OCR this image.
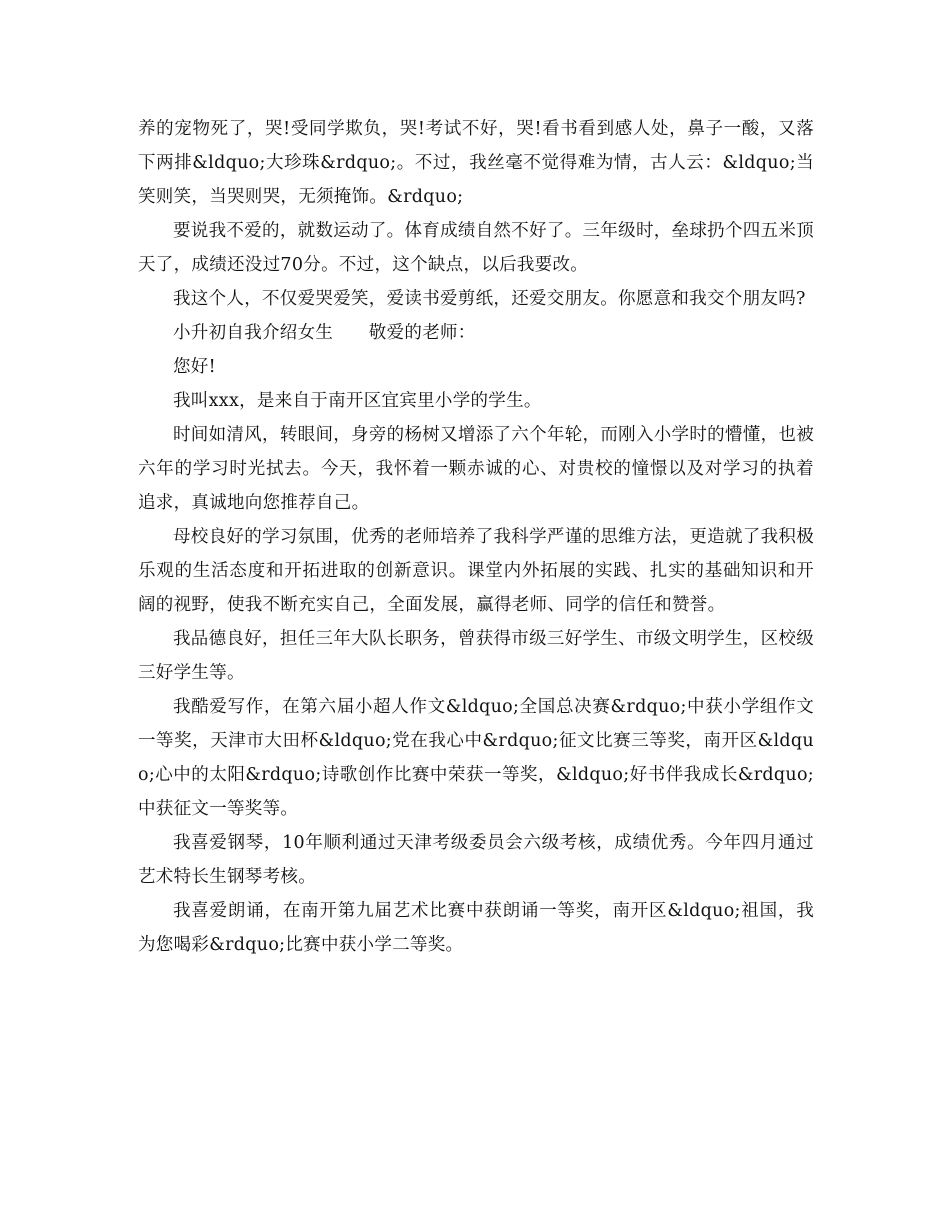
养的宠物死了，哭!受同学欺负，哭!考试不好，哭!看书看到感人处，鼻子一酸，又落下两排&ldquo;大珍珠&rdquo;。不过，我丝毫不觉得难为情，古人云：&ldquo;当笑则笑，当哭则哭，无须掩饰。&rdquo;

要说我不爱的，就数运动了。体育成绩自然不好了。三年级时，垒球扔个四五米顶天了，成绩还没过70分。不过，这个缺点，以后我要改。

我这个人，不仅爱哭爱笑，爱读书爱剪纸，还爱交朋友。你愿意和我交个朋友吗?

小升初自我介绍女生　　敬爱的老师：

您好!

我叫xxx，是来自于南开区宜宾里小学的学生。

时间如清风，转眼间，身旁的杨树又增添了六个年轮，而刚入小学时的懵懂，也被六年的学习时光拭去。今天，我怀着一颗赤诚的心、对贵校的憧憬以及对学习的执着追求，真诚地向您推荐自己。

母校良好的学习氛围，优秀的老师培养了我科学严谨的思维方法，更造就了我积极乐观的生活态度和开拓进取的创新意识。课堂内外拓展的实践、扎实的基础知识和开阔的视野，使我不断充实自己，全面发展，赢得老师、同学的信任和赞誉。

我品德良好，担任三年大队长职务，曾获得市级三好学生、市级文明学生，区校级三好学生等。

我酷爱写作，在第六届小超人作文&ldquo;全国总决赛&rdquo;中获小学组作文一等奖，天津市大田杯&ldquo;党在我心中&rdquo;征文比赛三等奖，南开区&ldquo;心中的太阳&rdquo;诗歌创作比赛中荣获一等奖，&ldquo;好书伴我成长&rdquo;中获征文一等奖等。

我喜爱钢琴，10年顺利通过天津考级委员会六级考核，成绩优秀。今年四月通过艺术特长生钢琴考核。

我喜爱朗诵，在南开第九届艺术比赛中获朗诵一等奖，南开区&ldquo;祖国，我为您喝彩&rdquo;比赛中获小学二等奖。
